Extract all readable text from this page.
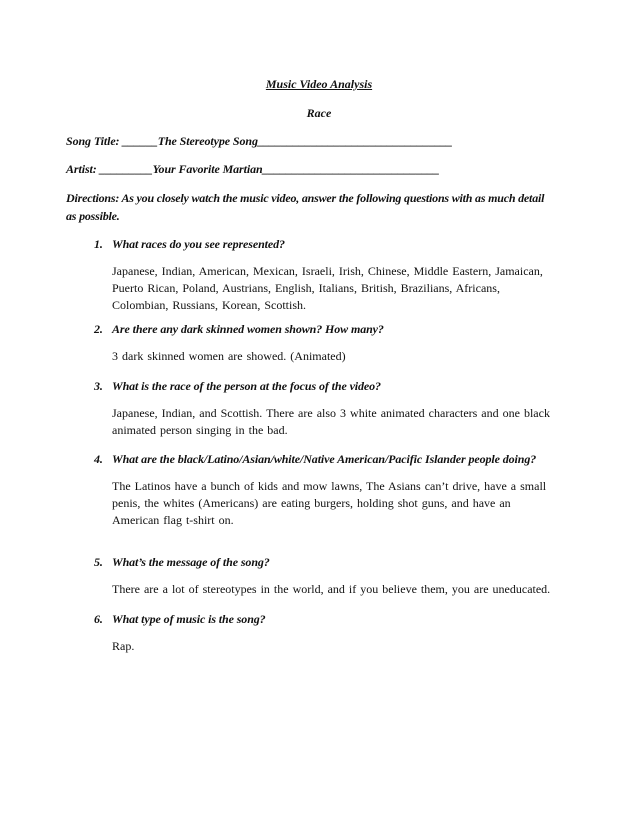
Music Video Analysis
Race
Song Title: ______The Stereotype Song_________________________________
Artist: _________Your Favorite Martian______________________________
Directions: As you closely watch the music video, answer the following questions with as much detail as possible.
1. What races do you see represented?
Japanese, Indian, American, Mexican, Israeli, Irish, Chinese, Middle Eastern, Jamaican, Puerto Rican, Poland, Austrians, English, Italians, British, Brazilians, Africans, Colombian, Russians, Korean, Scottish.
2. Are there any dark skinned women shown? How many?
3 dark skinned women are showed. (Animated)
3. What is the race of the person at the focus of the video?
Japanese, Indian, and Scottish. There are also 3 white animated characters and one black animated person singing in the bad.
4. What are the black/Latino/Asian/white/Native American/Pacific Islander people doing?
The Latinos have a bunch of kids and mow lawns, The Asians can’t drive, have a small penis, the whites (Americans) are eating burgers, holding shot guns, and have an American flag t-shirt on.
5. What’s the message of the song?
There are a lot of stereotypes in the world, and if you believe them, you are uneducated.
6. What type of music is the song?
Rap.
